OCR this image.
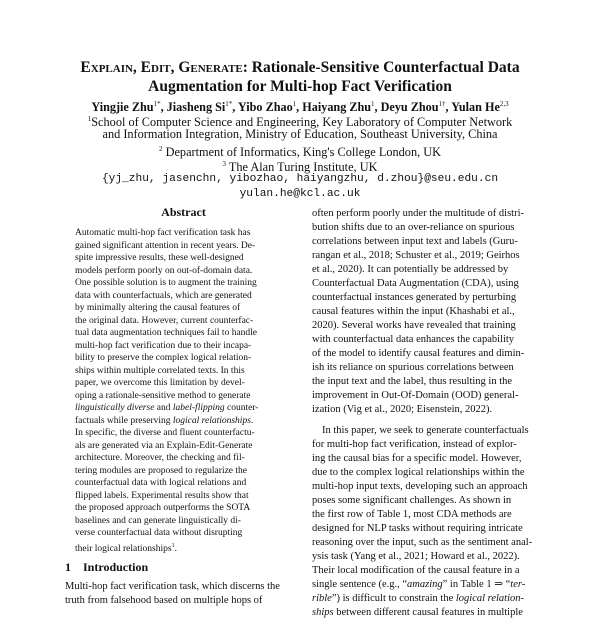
Explain, Edit, Generate: Rationale-Sensitive Counterfactual Data
Augmentation for Multi-hop Fact Verification
Yingjie Zhu$^{1*}$, Jiasheng $Si^{1*}$, Yibo Zhao$^1$, Haiyang Zhu$^1$, Deyu Zhou$^{1\dagger}$, Yulan He$^{2,3}$
$^1$School of Computer Science and Engineering, Key Laboratory of Computer Network
and Information Integration, Ministry of Education, Southeast University, China
$^2$ Department of Informatics, King's College London, UK
$^3$ The Alan Turing Institute, UK
{yj_zhu, jasenchn, yibozhao, haiyangzhu, d.zhou}@seu.edu.cn
yulan.he@kcl.ac.uk
Abstract
Automatic multi-hop fact verification task has
gained significant attention in recent years. De-
spite impressive results, these well-designed
models perform poorly on out-of-domain data.
One possible solution is to augment the training
data with counterfactuals, which are generated
by minimally altering the causal features of
the original data. However, current counterfac-
tual data augmentation techniques fail to handle
multi-hop fact verification due to their incapa-
bility to preserve the complex logical relation-
ships within multiple correlated texts. In this
paper, we overcome this limitation by devel-
oping a rationale-sensitive method to generate
linguistically diverse and label-flipping counter-
factuals while preserving logical relationships.
In specific, the diverse and fluent counterfactu-
als are generated via an Explain-Edit-Generate
architecture. Moreover, the checking and fil-
tering modules are proposed to regularize the
counterfactual data with logical relations and
flipped labels. Experimental results show that
the proposed approach outperforms the SOTA
baselines and can generate linguistically di-
verse counterfactual data without disrupting
their logical relationships$^1$.
1 Introduction
Multi-hop fact verification task, which discerns the
truth from falsehood based on multiple hops of
often perform poorly under the multitude of distri-
bution shifts due to an over-reliance on spurious
correlations between input text and labels (Guru-
rangan et al., 2018; Schuster et al., 2019; Geirhos
et al., 2020). It can potentially be addressed by
Counterfactual Data Augmentation (CDA), using
counterfactual instances generated by perturbing
causal features within the input (Khashabi et al.,
2020). Several works have revealed that training
with counterfactual data enhances the capability
of the model to identify causal features and dimin-
ish its reliance on spurious correlations between
the input text and the label, thus resulting in the
improvement in Out-Of-Domain (OOD) general-
ization (Vig et al., 2020; Eisenstein, 2022).
In this paper, we seek to generate counterfactuals
for multi-hop fact verification, instead of explor-
ing the causal bias for a specific model. However,
due to the complex logical relationships within the
multi-hop input texts, developing such an approach
poses some significant challenges. As shown in
the first row of Table 1, most CDA methods are
designed for NLP tasks without requiring intricate
reasoning over the input, such as the sentiment anal-
ysis task (Yang et al., 2021; Howard et al., 2022).
Their local modification of the causal feature in a
single sentence (e.g., “amazing” in Table 1 ⇒ “ter-
rible”) is difficult to constrain the logical relation-
ships between different causal features in multiple
